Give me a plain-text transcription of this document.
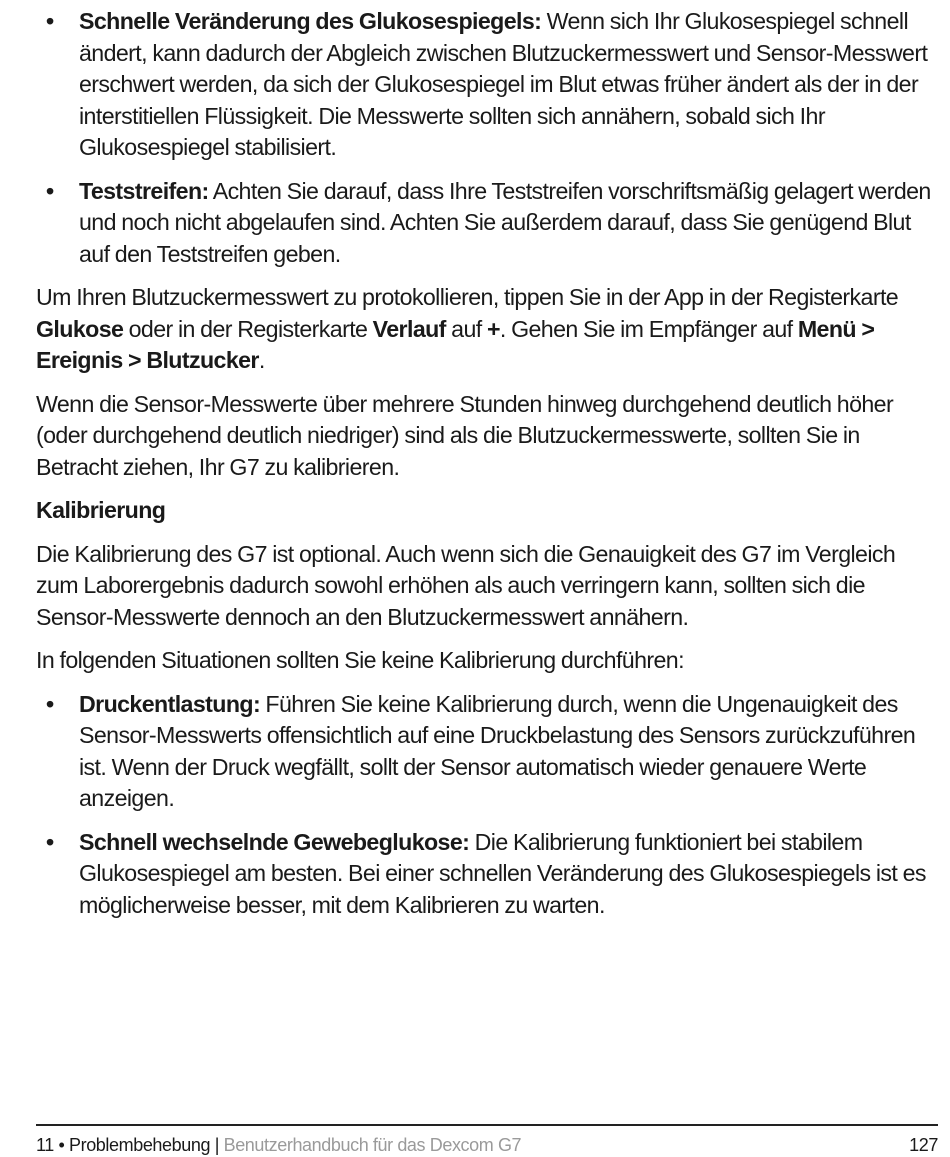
• Schnelle Veränderung des Glukosespiegels: Wenn sich Ihr Glukosespiegel schnell ändert, kann dadurch der Abgleich zwischen Blutzuckermesswert und Sensor-Messwert erschwert werden, da sich der Glukosespiegel im Blut etwas früher ändert als der in der interstitiellen Flüssigkeit. Die Messwerte sollten sich annähern, sobald sich Ihr Glukosespiegel stabilisiert.
• Teststreifen: Achten Sie darauf, dass Ihre Teststreifen vorschriftsmäßig gelagert werden und noch nicht abgelaufen sind. Achten Sie außerdem darauf, dass Sie genügend Blut auf den Teststreifen geben.

Um Ihren Blutzuckermesswert zu protokollieren, tippen Sie in der App in der Registerkarte Glukose oder in der Registerkarte Verlauf auf +. Gehen Sie im Empfänger auf Menü > Ereignis > Blutzucker.

Wenn die Sensor-Messwerte über mehrere Stunden hinweg durchgehend deutlich höher (oder durchgehend deutlich niedriger) sind als die Blutzuckermesswerte, sollten Sie in Betracht ziehen, Ihr G7 zu kalibrieren.

Kalibrierung

Die Kalibrierung des G7 ist optional. Auch wenn sich die Genauigkeit des G7 im Vergleich zum Laborergebnis dadurch sowohl erhöhen als auch verringern kann, sollten sich die Sensor-Messwerte dennoch an den Blutzuckermesswert annähern.

In folgenden Situationen sollten Sie keine Kalibrierung durchführen:

• Druckentlastung: Führen Sie keine Kalibrierung durch, wenn die Ungenauigkeit des Sensor-Messwerts offensichtlich auf eine Druckbelastung des Sensors zurückzuführen ist. Wenn der Druck wegfällt, sollt der Sensor automatisch wieder genauere Werte anzeigen.
• Schnell wechselnde Gewebeglukose: Die Kalibrierung funktioniert bei stabilem Glukosespiegel am besten. Bei einer schnellen Veränderung des Glukosespiegels ist es möglicherweise besser, mit dem Kalibrieren zu warten.
11 • Problembehebung | Benutzerhandbuch für das Dexcom G7	127
